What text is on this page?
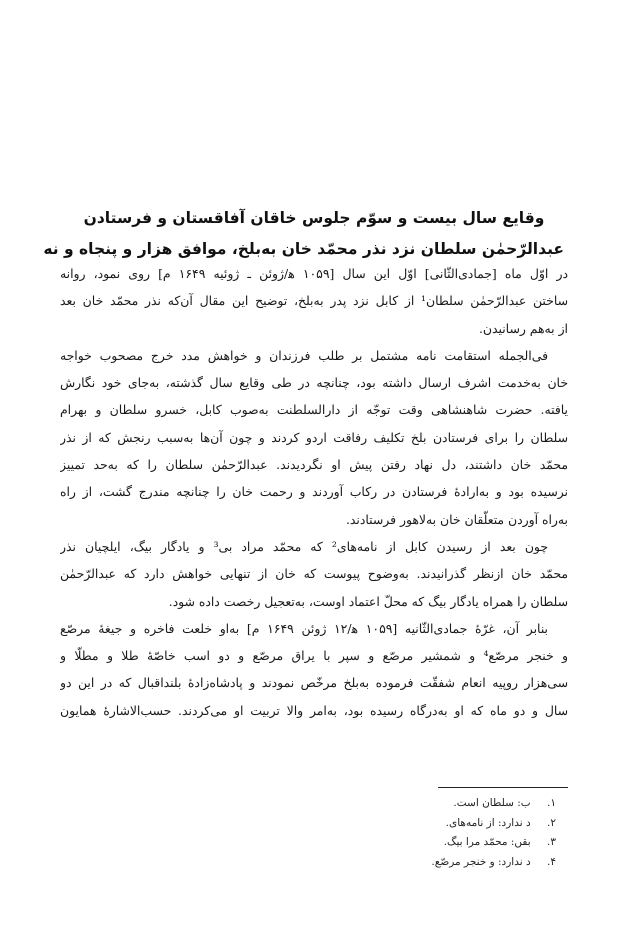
وقایع سال بیست و سوّم جلوس خاقان آفاقستان و فرستادن
عبدالرّحمٰن سلطان نزد نذر محمّد خان به‌بلخ، موافق هزار و پنجاه و نه
در اوّل ماه [جمادی‌الثّانی] اوّل این سال [۱۰۵۹ ه‍/ژوئن ـ ژوئیه ۱۶۴۹ م] روی نمود، روانه
ساختن عبدالرّحمٰن سلطان¹ از کابل نزد پدر به‌بلخ، توضیح این مقال آن‌که نذر محمّد خان بعد
از به‌هم رسانیدن.
فی‌الجمله استقامت نامه مشتمل بر طلب فرزندان و خواهش مدد خرج مصحوب خواجه
خان به‌خدمت اشرف ارسال داشته بود، چنانچه در طی وقایع سال گذشته، به‌جای خود نگارش
یافته. حضرت شاهنشاهی وقت توجّه از دارالسلطنت به‌صوب کابل، خسرو سلطان و بهرام
سلطان را برای فرستادن بلخ تکلیف رفاقت اردو کردند و چون آن‌ها به‌سبب رنجش که از نذر
محمّد خان داشتند، دل نهاد رفتن پیش او نگردیدند. عبدالرّحمٰن سلطان را که به‌حد تمییز
نرسیده بود و به‌ارادهٔ فرستادن در رکاب آوردند و رحمت خان را چنانچه مندرج گشت، از راه
به‌راه آوردن متعلّقان خان به‌لاهور فرستادند.
چون بعد از رسیدن کابل از نامه‌های² که محمّد مراد بی³ و یادگار بیگ، ایلچیان نذر
محمّد خان ازنظر گذرانیدند. به‌وضوح پیوست که خان از تنهایی خواهش دارد که عبدالرّحمٰن
سلطان را همراه یادگار بیگ که محلّ اعتماد اوست، به‌تعجیل رخصت داده شود.
بنابر آن، غرّهٔ جمادی‌الثّانیه [۱۰۵۹ ه‍/۱۲ ژوئن ۱۶۴۹ م] به‌او خلعت فاخره و جیغهٔ مرصّع
و خنجر مرصّع⁴ و شمشیر مرصّع و سپر با یراق مرصّع و دو اسب خاصّهٔ طلا و مطلّا و
سی‌هزار روپیه انعام شفقّت فرموده به‌بلخ مرخّص نمودند و پادشاه‌زادهٔ بلنداقبال که در این دو
سال و دو ماه که او به‌درگاه رسیده بود، به‌امر والا تربیت او می‌کردند. حسب‌الاشارهٔ همایون
۱. ب: سلطان است.
۲. د ندارد: از نامه‌های.
۳. بقں: محمّد مرا بیگ.
۴. د ندارد: و خنجر مرصّع.
